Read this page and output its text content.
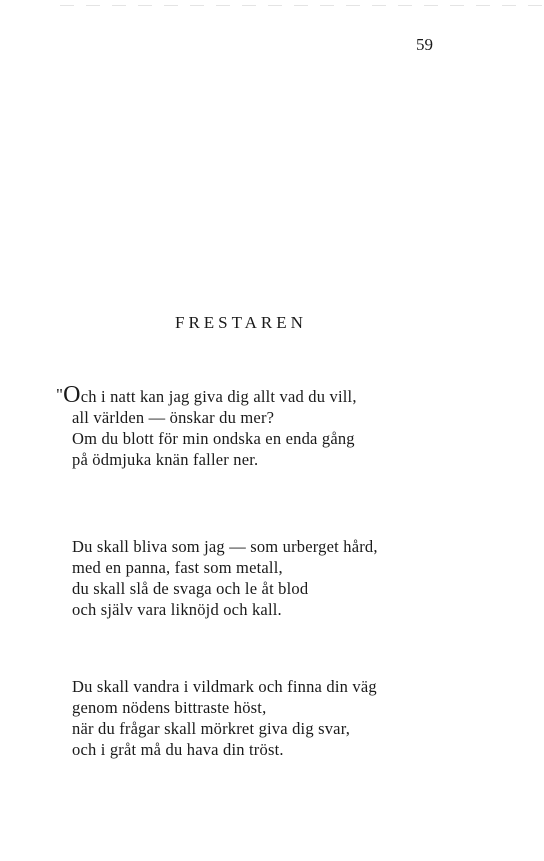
59
FRESTAREN
"Och i natt kan jag giva dig allt vad du vill,
all världen — önskar du mer?
Om du blott för min ondska en enda gång
på ödmjuka knän faller ner.
Du skall bliva som jag — som urberget hård,
med en panna, fast som metall,
du skall slå de svaga och le åt blod
och själv vara liknöjd och kall.
Du skall vandra i vildmark och finna din väg
genom nödens bittraste höst,
när du frågar skall mörkret giva dig svar,
och i gråt må du hava din tröst.
